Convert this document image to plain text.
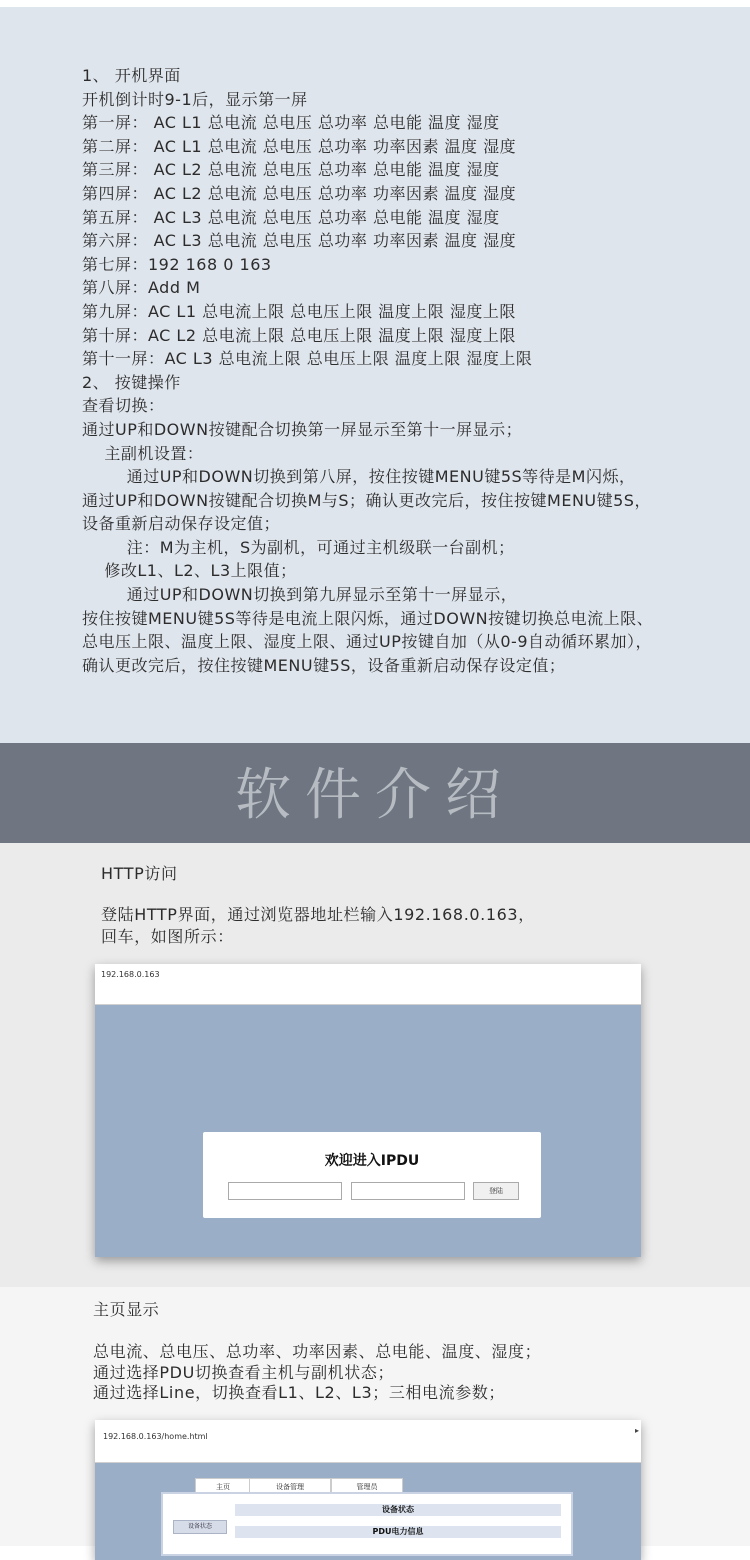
1、 开机界面
开机倒计时9-1后，显示第一屏
第一屏： AC L1 总电流 总电压 总功率 总电能 温度 湿度
第二屏： AC L1 总电流 总电压 总功率 功率因素 温度 湿度
第三屏： AC L2 总电流 总电压 总功率 总电能 温度 湿度
第四屏： AC L2 总电流 总电压 总功率 功率因素 温度 湿度
第五屏： AC L3 总电流 总电压 总功率 总电能 温度 湿度
第六屏： AC L3 总电流 总电压 总功率 功率因素 温度 湿度
第七屏：192 168 0 163
第八屏：Add M
第九屏：AC L1 总电流上限 总电压上限 温度上限 湿度上限
第十屏：AC L2 总电流上限 总电压上限 温度上限 湿度上限
第十一屏：AC L3 总电流上限 总电压上限 温度上限 湿度上限
2、 按键操作
查看切换：
通过UP和DOWN按键配合切换第一屏显示至第十一屏显示；
主副机设置：
通过UP和DOWN切换到第八屏，按住按键MENU键5S等待是M闪烁，
通过UP和DOWN按键配合切换M与S；确认更改完后，按住按键MENU键5S，
设备重新启动保存设定值；
注：M为主机，S为副机，可通过主机级联一台副机；
修改L1、L2、L3上限值；
通过UP和DOWN切换到第九屏显示至第十一屏显示，
按住按键MENU键5S等待是电流上限闪烁，通过DOWN按键切换总电流上限、
总电压上限、温度上限、湿度上限、通过UP按键自加（从0-9自动循环累加），
确认更改完后，按住按键MENU键5S，设备重新启动保存设定值；
软件介绍
HTTP访问
登陆HTTP界面，通过浏览器地址栏输入192.168.0.163，
回车，如图所示：
192.168.0.163
欢迎进入IPDU
登陆
主页显示
总电流、总电压、总功率、功率因素、总电能、温度、湿度；
通过选择PDU切换查看主机与副机状态；
通过选择Line，切换查看L1、L2、L3；三相电流参数；
192.168.0.163/home.html
▸
主页	设备管理	管理员
设备状态
设备状态
PDU电力信息
